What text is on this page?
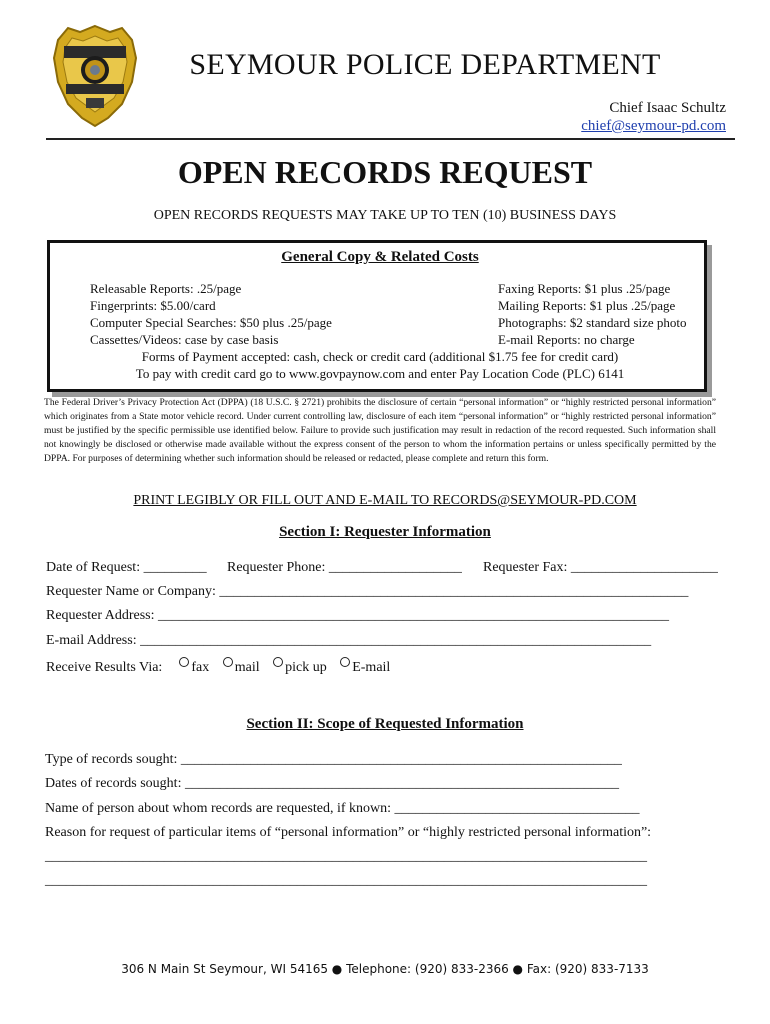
SEYMOUR POLICE DEPARTMENT
Chief Isaac Schultz
chief@seymour-pd.com
OPEN RECORDS REQUEST
OPEN RECORDS REQUESTS MAY TAKE UP TO TEN (10) BUSINESS DAYS
General Copy & Related Costs
Releasable Reports: .25/page
Fingerprints: $5.00/card
Computer Special Searches: $50 plus .25/page
Cassettes/Videos: case by case basis
Faxing Reports: $1 plus .25/page
Mailing Reports: $1 plus .25/page
Photographs: $2 standard size photo
E-mail Reports: no charge
Forms of Payment accepted: cash, check or credit card (additional $1.75 fee for credit card)
To pay with credit card go to www.govpaynow.com and enter Pay Location Code (PLC) 6141
The Federal Driver’s Privacy Protection Act (DPPA) (18 U.S.C. § 2721) prohibits the disclosure of certain “personal information” or “highly restricted personal information” which originates from a State motor vehicle record. Under current controlling law, disclosure of each item “personal information” or “highly restricted personal information” must be justified by the specific permissible use identified below. Failure to provide such justification may result in redaction of the record requested. Such information shall not knowingly be disclosed or otherwise made available without the express consent of the person to whom the information pertains or unless specifically permitted by the DPPA. For purposes of determining whether such information should be released or redacted, please complete and return this form.
PRINT LEGIBLY OR FILL OUT AND E-MAIL TO RECORDS@SEYMOUR-PD.COM
Section I: Requester Information
Date of Request: _________ Requester Phone: ___________________ Requester Fax: _____________________
Requester Name or Company: ___________________________________________________________________
Requester Address: _________________________________________________________________________
E-mail Address: _________________________________________________________________________
Receive Results Via: fax mail pick up E-mail
Section II: Scope of Requested Information
Type of records sought: _______________________________________________________________
Dates of records sought: ______________________________________________________________
Name of person about whom records are requested, if known: ___________________________________
Reason for request of particular items of “personal information” or “highly restricted personal information”:
______________________________________________________________________________________
______________________________________________________________________________________
306 N Main St Seymour, WI 54165 ● Telephone: (920) 833-2366 ● Fax: (920) 833-7133
